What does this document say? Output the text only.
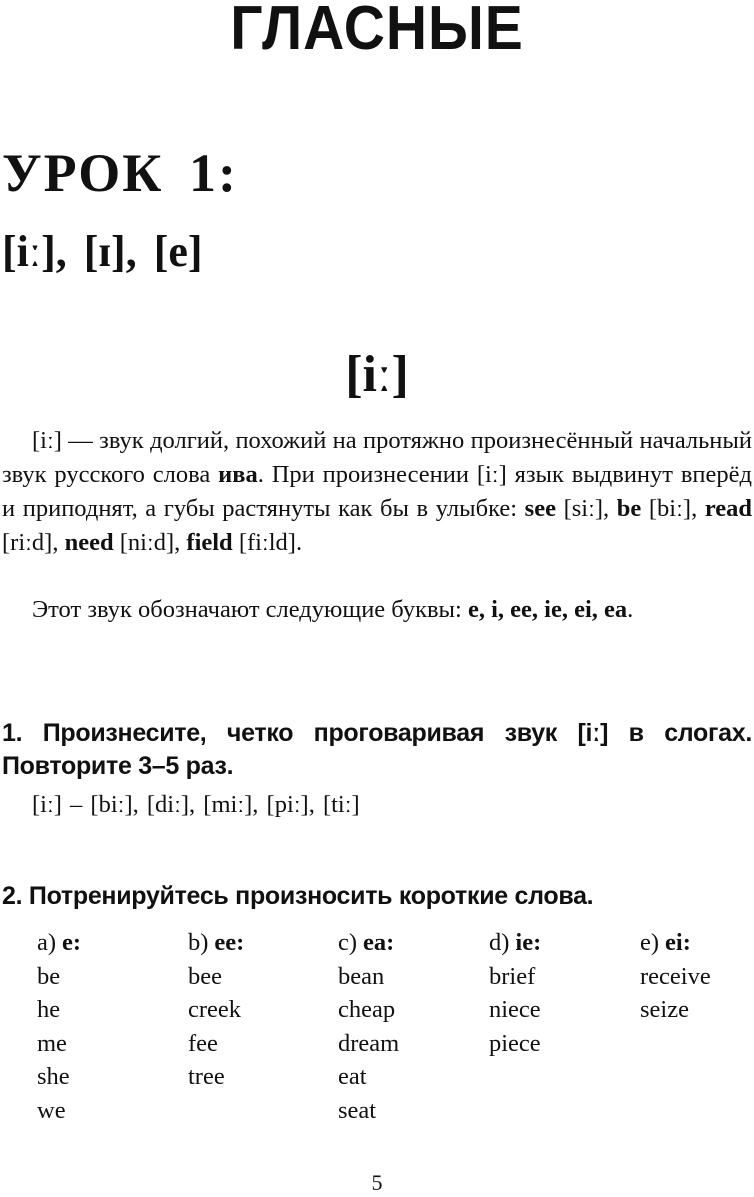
ГЛАСНЫЕ
УРОК 1:
[iː], [ɪ], [e]
[iː]
[iː] — звук долгий, похожий на протяжно произнесённый начальный звук русского слова ива. При произнесении [iː] язык выдвинут вперёд и приподнят, а губы растянуты как бы в улыбке: see [siː], be [biː], read [riːd], need [niːd], field [fiːld].
Этот звук обозначают следующие буквы: e, i, ee, ie, ei, ea.
1. Произнесите, четко проговаривая звук [iː] в слогах. Повторите 3–5 раз.
[iː] – [biː], [diː], [miː], [piː], [tiː]
2. Потренируйтесь произносить короткие слова.
a) e:
be
he
me
she
we
b) ee:
bee
creek
fee
tree
c) ea:
bean
cheap
dream
eat
seat
d) ie:
brief
niece
piece
e) ei:
receive
seize
5
